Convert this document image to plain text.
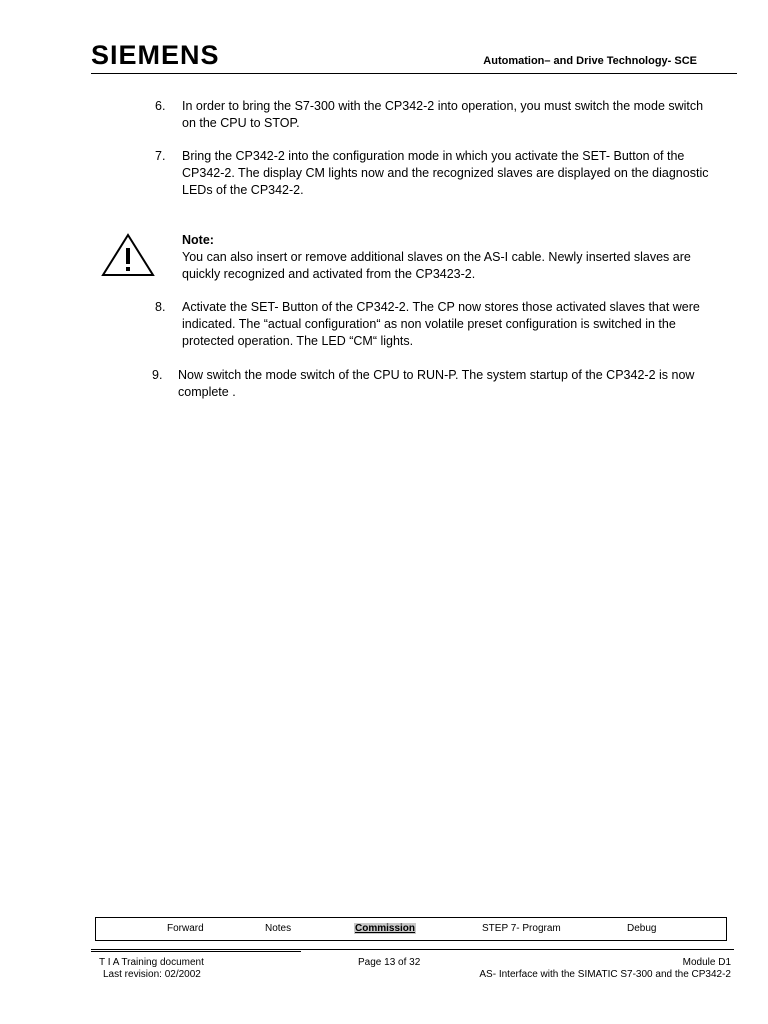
SIEMENS	Automation– and Drive Technology- SCE
6. In order to bring the S7-300 with the CP342-2 into operation, you must switch the mode switch
on the CPU to STOP.
7. Bring the CP342-2 into the configuration mode in which you activate the SET- Button of the
CP342-2. The display CM lights now and the recognized slaves are displayed on the diagnostic
LEDs of the CP342-2.
Note:
You can also insert or remove additional slaves on the AS-I cable. Newly inserted slaves are
quickly recognized and activated from the CP3423-2.
8. Activate the SET- Button of the CP342-2. The CP now stores those activated slaves that were
indicated. The “actual configuration“ as non volatile preset configuration is switched in the
protected operation. The LED “CM“ lights.
9. Now switch the mode switch of the CPU to RUN-P. The system startup of the CP342-2 is now
complete .
Forward	Notes	Commission	STEP 7- Program	Debug
T I A Training document
Last revision: 02/2002
Page 13 of 32	Module D1
AS- Interface with the SIMATIC S7-300 and the CP342-2
